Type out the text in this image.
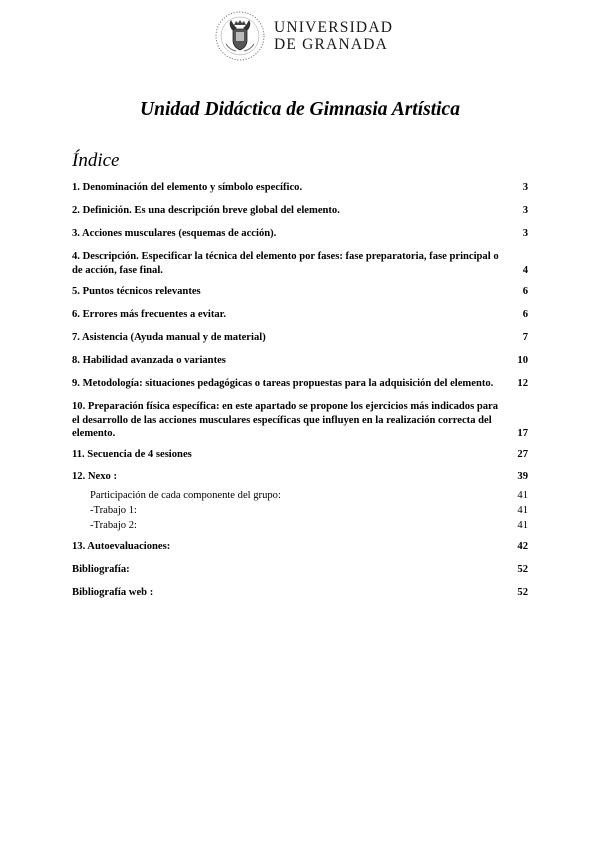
UNIVERSIDAD
DE GRANADA
Unidad Didáctica de Gimnasia Artística
Índice
1. Denominación del elemento y símbolo específico.	3
2. Definición. Es una descripción breve global del elemento.	3
3. Acciones musculares (esquemas de acción).	3
4. Descripción. Especificar la técnica del elemento por fases: fase preparatoria, fase principal o de acción, fase final.	4
5. Puntos técnicos relevantes	6
6. Errores más frecuentes a evitar.	6
7. Asistencia (Ayuda manual y de material)	7
8. Habilidad avanzada o variantes	10
9. Metodología: situaciones pedagógicas o tareas propuestas para la adquisición del elemento.	12
10. Preparación física específica: en este apartado se propone los ejercicios más indicados para el desarrollo de las acciones musculares específicas que influyen en la realización correcta del elemento.	17
11. Secuencia de 4 sesiones	27
12. Nexo :	39
Participación de cada componente del grupo:	41
-Trabajo 1:	41
-Trabajo 2:	41
13. Autoevaluaciones:	42
Bibliografía:	52
Bibliografía web :	52
